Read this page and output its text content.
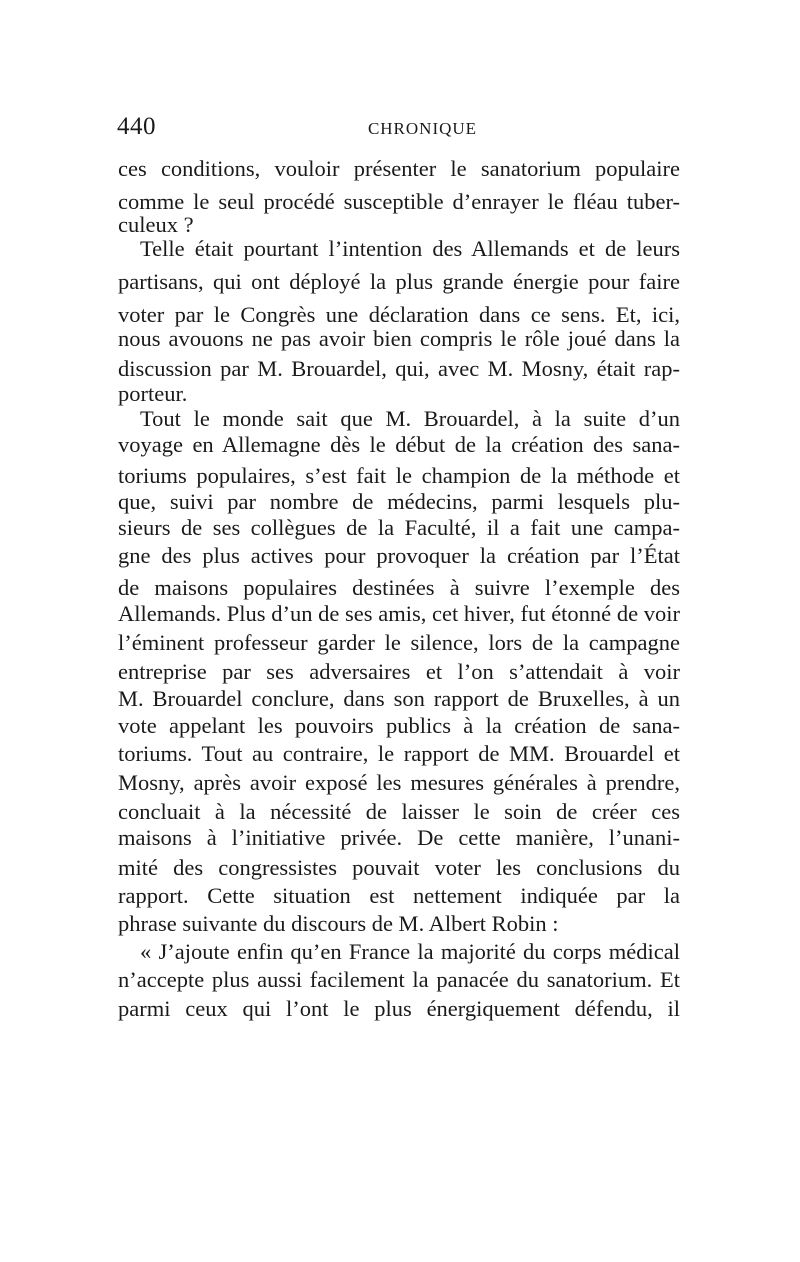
440	CHRONIQUE
ces conditions, vouloir présenter le sanatorium populaire
comme le seul procédé susceptible d’enrayer le fléau tuber-
culeux ?
Telle était pourtant l’intention des Allemands et de leurs
partisans, qui ont déployé la plus grande énergie pour faire
voter par le Congrès une déclaration dans ce sens. Et, ici,
nous avouons ne pas avoir bien compris le rôle joué dans la
discussion par M. Brouardel, qui, avec M. Mosny, était rap-
porteur.
Tout le monde sait que M. Brouardel, à la suite d’un
voyage en Allemagne dès le début de la création des sana-
toriums populaires, s’est fait le champion de la méthode et
que, suivi par nombre de médecins, parmi lesquels plu-
sieurs de ses collègues de la Faculté, il a fait une campa-
gne des plus actives pour provoquer la création par l’État
de maisons populaires destinées à suivre l’exemple des
Allemands. Plus d’un de ses amis, cet hiver, fut étonné de voir
l’éminent professeur garder le silence, lors de la campagne
entreprise par ses adversaires et l’on s’attendait à voir
M. Brouardel conclure, dans son rapport de Bruxelles, à un
vote appelant les pouvoirs publics à la création de sana-
toriums. Tout au contraire, le rapport de MM. Brouardel et
Mosny, après avoir exposé les mesures générales à prendre,
concluait à la nécessité de laisser le soin de créer ces
maisons à l’initiative privée. De cette manière, l’unani-
mité des congressistes pouvait voter les conclusions du
rapport. Cette situation est nettement indiquée par la
phrase suivante du discours de M. Albert Robin :
« J’ajoute enfin qu’en France la majorité du corps médical
n’accepte plus aussi facilement la panacée du sanatorium. Et
parmi ceux qui l’ont le plus énergiquement défendu, il
